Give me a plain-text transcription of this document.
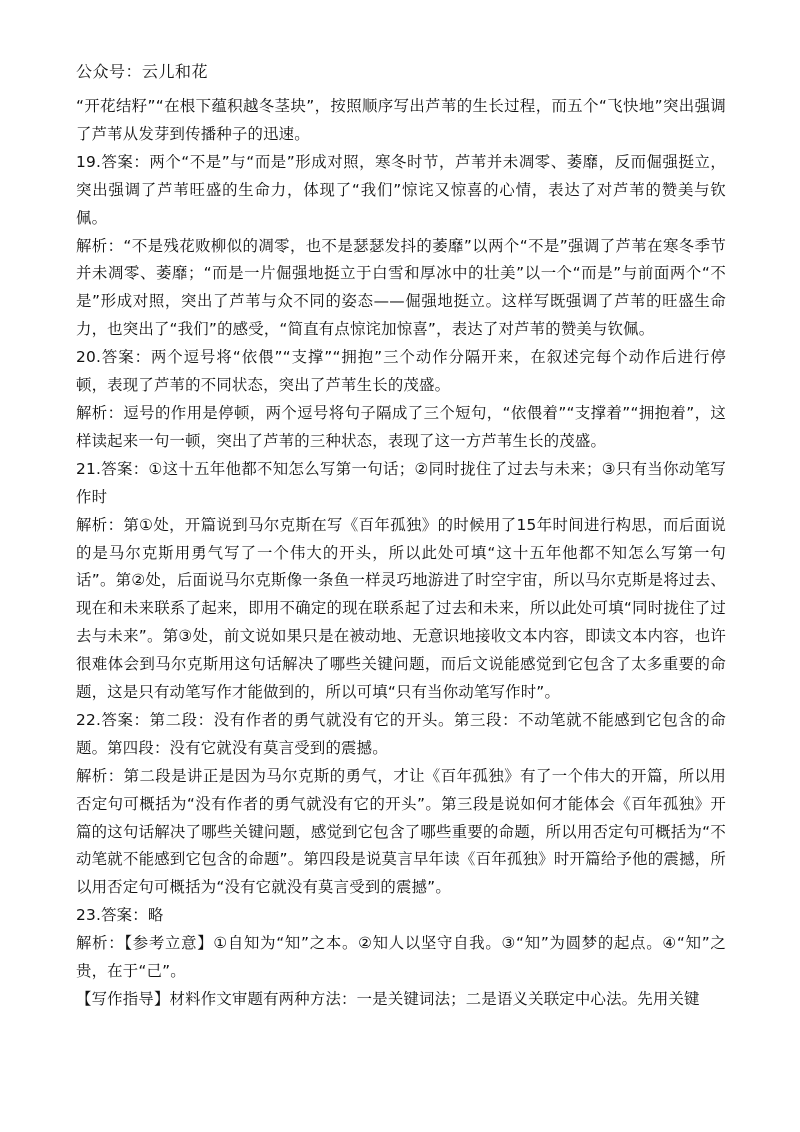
公众号：云儿和花

“开花结籽”“在根下蕴积越冬茎块”，按照顺序写出芦苇的生长过程，而五个“飞快地”突出强调了芦苇从发芽到传播种子的迅速。

19.答案：两个“不是”与“而是”形成对照，寒冬时节，芦苇并未凋零、萎靡，反而倔强挺立，突出强调了芦苇旺盛的生命力，体现了“我们”惊诧又惊喜的心情，表达了对芦苇的赞美与钦佩。

解析：“不是残花败柳似的凋零，也不是瑟瑟发抖的萎靡”以两个“不是”强调了芦苇在寒冬季节并未凋零、萎靡；“而是一片倔强地挺立于白雪和厚冰中的壮美”以一个“而是”与前面两个“不是”形成对照，突出了芦苇与众不同的姿态——倔强地挺立。这样写既强调了芦苇的旺盛生命力，也突出了“我们”的感受，“简直有点惊诧加惊喜”，表达了对芦苇的赞美与钦佩。

20.答案：两个逗号将“依偎”“支撑”“拥抱”三个动作分隔开来，在叙述完每个动作后进行停顿，表现了芦苇的不同状态，突出了芦苇生长的茂盛。

解析：逗号的作用是停顿，两个逗号将句子隔成了三个短句，“依偎着”“支撑着”“拥抱着”，这样读起来一句一顿，突出了芦苇的三种状态，表现了这一方芦苇生长的茂盛。

21.答案：①这十五年他都不知怎么写第一句话；②同时拢住了过去与未来；③只有当你动笔写作时

解析：第①处，开篇说到马尔克斯在写《百年孤独》的时候用了15年时间进行构思，而后面说的是马尔克斯用勇气写了一个伟大的开头，所以此处可填“这十五年他都不知怎么写第一句话”。第②处，后面说马尔克斯像一条鱼一样灵巧地游进了时空宇宙，所以马尔克斯是将过去、现在和未来联系了起来，即用不确定的现在联系起了过去和未来，所以此处可填“同时拢住了过去与未来”。第③处，前文说如果只是在被动地、无意识地接收文本内容，即读文本内容，也许很难体会到马尔克斯用这句话解决了哪些关键问题，而后文说能感觉到它包含了太多重要的命题，这是只有动笔写作才能做到的，所以可填“只有当你动笔写作时”。

22.答案：第二段：没有作者的勇气就没有它的开头。第三段：不动笔就不能感到它包含的命题。第四段：没有它就没有莫言受到的震撼。

解析：第二段是讲正是因为马尔克斯的勇气，才让《百年孤独》有了一个伟大的开篇，所以用否定句可概括为“没有作者的勇气就没有它的开头”。第三段是说如何才能体会《百年孤独》开篇的这句话解决了哪些关键问题，感觉到它包含了哪些重要的命题，所以用否定句可概括为“不动笔就不能感到它包含的命题”。第四段是说莫言早年读《百年孤独》时开篇给予他的震撼，所以用否定句可概括为“没有它就没有莫言受到的震撼”。

23.答案：略

解析：【参考立意】①自知为“知”之本。②知人以坚守自我。③“知”为圆梦的起点。④“知”之贵，在于“己”。

【写作指导】材料作文审题有两种方法：一是关键词法；二是语义关联定中心法。先用关键
